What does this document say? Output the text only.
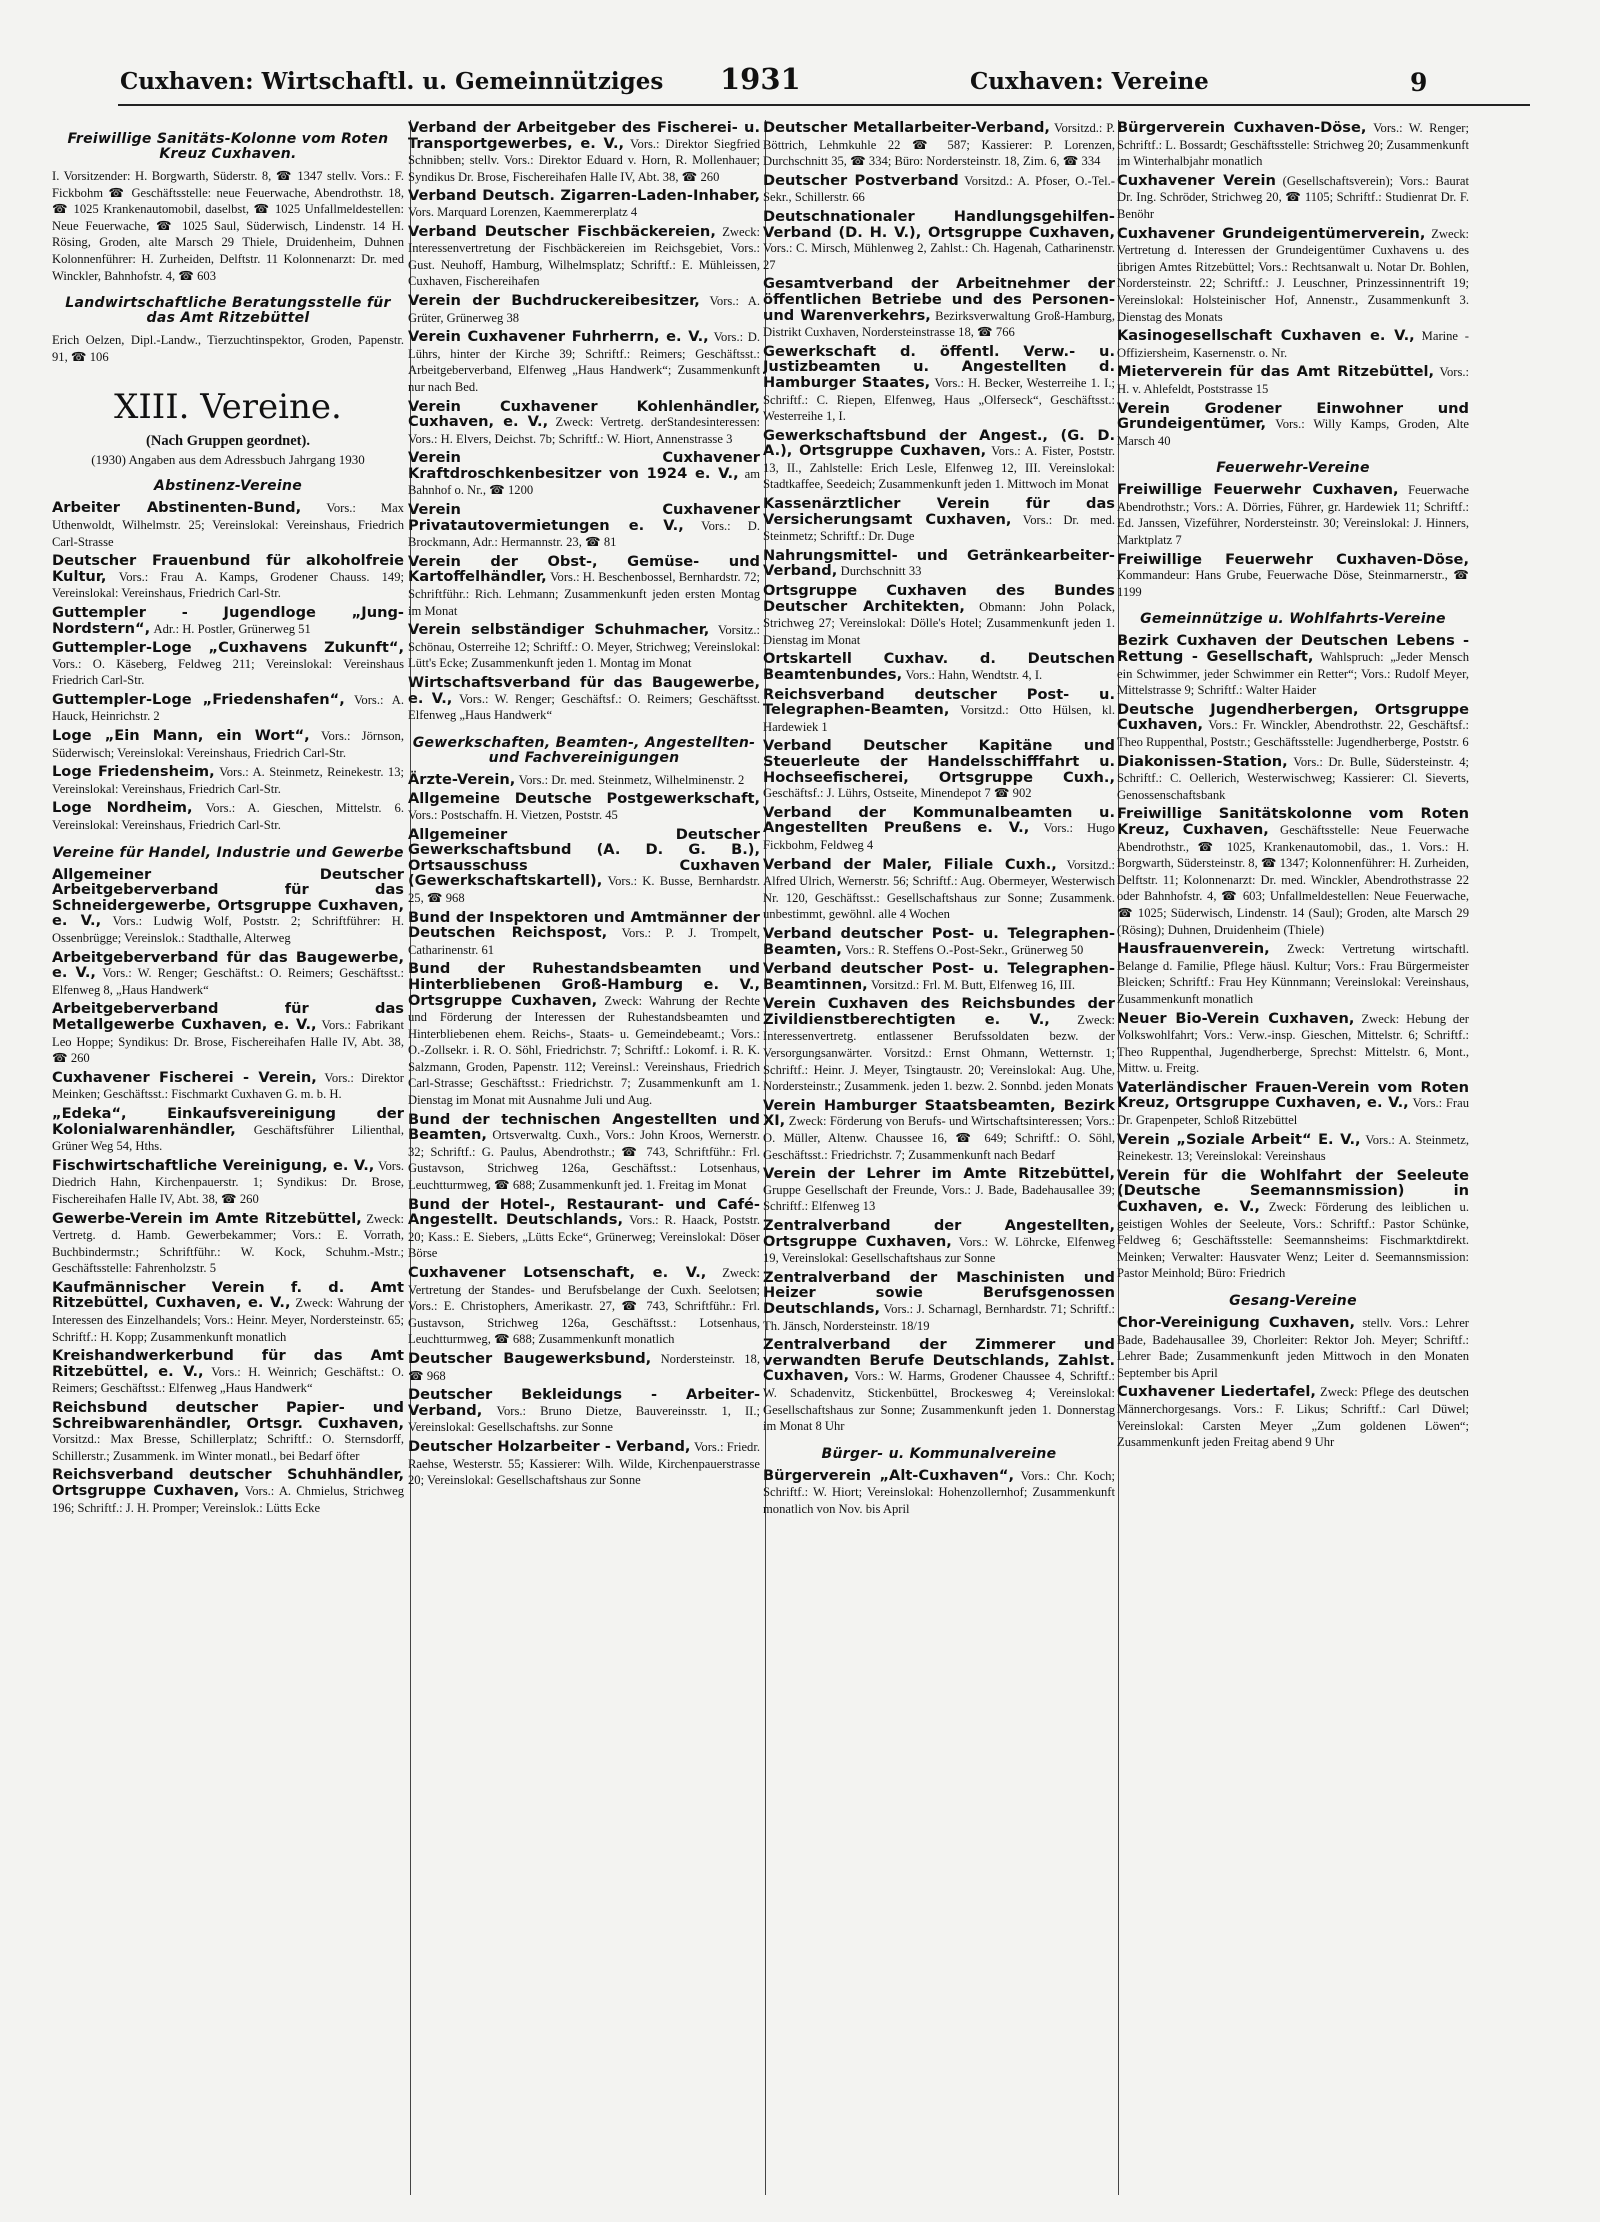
Cuxhaven: Wirtschaftl. u. Gemeinnütziges 1931	Cuxhaven: Vereine	9
Freiwillige Sanitäts-Kolonne vom Roten Kreuz Cuxhaven.
I. Vorsitzender: H. Borgwarth, Süderstr. 8, ☎ 1347 stellv. Vors.: F. Fickbohm ☎ Geschäftsstelle: neue Feuerwache, Abendrothstr. 18, ☎ 1025 Krankenautomobil, daselbst, ☎ 1025 Unfallmeldestellen: Neue Feuerwache, ☎ 1025 Saul, Süderwisch, Lindenstr. 14 H. Rösing, Groden, alte Marsch 29 Thiele, Druidenheim, Duhnen Kolonnenführer: H. Zurheiden, Delftstr. 11 Kolonnenarzt: Dr. med Winckler, Bahnhofstr. 4, ☎ 603
Landwirtschaftliche Beratungsstelle für das Amt Ritzebüttel
Erich Oelzen, Dipl.-Landw., Tierzuchtinspektor, Groden, Papenstr. 91, ☎ 106
XIII. Vereine.
(Nach Gruppen geordnet).
(1930) Angaben aus dem Adressbuch Jahrgang 1930
Abstinenz-Vereine
Arbeiter Abstinenten-Bund, Vors.: Max Uthenwoldt, Wilhelmstr. 25; Vereinslokal: Vereinshaus, Friedrich Carl-Strasse
Deutscher Frauenbund für alkoholfreie Kultur, Vors.: Frau A. Kamps, Grodener Chauss. 149; Vereinslokal: Vereinshaus, Friedrich Carl-Str.
Guttempler - Jugendloge „Jung-Nordstern“, Adr.: H. Postler, Grünerweg 51
Guttempler-Loge „Cuxhavens Zukunft“, Vors.: O. Käseberg, Feldweg 211; Vereinslokal: Vereinshaus Friedrich Carl-Str.
Guttempler-Loge „Friedenshafen“, Vors.: A. Hauck, Heinrichstr. 2
Loge „Ein Mann, ein Wort“, Vors.: Jörnson, Süderwisch; Vereinslokal: Vereinshaus, Friedrich Carl-Str.
Loge Friedensheim, Vors.: A. Steinmetz, Reinekestr. 13; Vereinslokal: Vereinshaus, Friedrich Carl-Str.
Loge Nordheim, Vors.: A. Gieschen, Mittelstr. 6. Vereinslokal: Vereinshaus, Friedrich Carl-Str.
Vereine für Handel, Industrie und Gewerbe
Allgemeiner Deutscher Arbeitgeberverband für das Schneidergewerbe, Ortsgruppe Cuxhaven, e. V., Vors.: Ludwig Wolf, Poststr. 2; Schriftführer: H. Ossenbrügge; Vereinslok.: Stadthalle, Alterweg
Arbeitgeberverband für das Baugewerbe, e. V., Vors.: W. Renger; Geschäftst.: O. Reimers; Geschäftsst.: Elfenweg 8, „Haus Handwerk“
Arbeitgeberverband für das Metallgewerbe Cuxhaven, e. V., Vors.: Fabrikant Leo Hoppe; Syndikus: Dr. Brose, Fischereihafen Halle IV, Abt. 38, ☎ 260
Cuxhavener Fischerei - Verein, Vors.: Direktor Meinken; Geschäftsst.: Fischmarkt Cuxhaven G. m. b. H.
„Edeka“, Einkaufsvereinigung der Kolonialwarenhändler, Geschäftsführer Lilienthal, Grüner Weg 54, Hths.
Fischwirtschaftliche Vereinigung, e. V., Vors. Diedrich Hahn, Kirchenpauerstr. 1; Syndikus: Dr. Brose, Fischereihafen Halle IV, Abt. 38, ☎ 260
Gewerbe-Verein im Amte Ritzebüttel, Zweck: Vertretg. d. Hamb. Gewerbekammer; Vors.: E. Vorrath, Buchbindermstr.; Schriftführ.: W. Kock, Schuhm.-Mstr.; Geschäftsstelle: Fahrenholzstr. 5
Kaufmännischer Verein f. d. Amt Ritzebüttel, Cuxhaven, e. V., Zweck: Wahrung der Interessen des Einzelhandels; Vors.: Heinr. Meyer, Nordersteinstr. 65; Schriftf.: H. Kopp; Zusammenkunft monatlich
Kreishandwerkerbund für das Amt Ritzebüttel, e. V., Vors.: H. Weinrich; Geschäftst.: O. Reimers; Geschäftsst.: Elfenweg „Haus Handwerk“
Reichsbund deutscher Papier- und Schreibwarenhändler, Ortsgr. Cuxhaven, Vorsitzd.: Max Bresse, Schillerplatz; Schriftf.: O. Sternsdorff, Schillerstr.; Zusammenk. im Winter monatl., bei Bedarf öfter
Reichsverband deutscher Schuhhändler, Ortsgruppe Cuxhaven, Vors.: A. Chmielus, Strichweg 196; Schriftf.: J. H. Promper; Vereinslok.: Lütts Ecke
Verband der Arbeitgeber des Fischerei- u. Transportgewerbes, e. V., Vors.: Direktor Siegfried Schnibben; stellv. Vors.: Direktor Eduard v. Horn, R. Mollenhauer; Syndikus Dr. Brose, Fischereihafen Halle IV, Abt. 38, ☎ 260
Verband Deutsch. Zigarren-Laden-Inhaber, Vors. Marquard Lorenzen, Kaemmererplatz 4
Verband Deutscher Fischbäckereien, Zweck: Interessenvertretung der Fischbäckereien im Reichsgebiet, Vors.: Gust. Neuhoff, Hamburg, Wilhelmsplatz; Schriftf.: E. Mühleissen, Cuxhaven, Fischereihafen
Verein der Buchdruckereibesitzer, Vors.: A. Grüter, Grünerweg 38
Verein Cuxhavener Fuhrherrn, e. V., Vors.: D. Lührs, hinter der Kirche 39; Schriftf.: Reimers; Geschäftsst.: Arbeitgeberverband, Elfenweg „Haus Handwerk“; Zusammenkunft nur nach Bed.
Verein Cuxhavener Kohlenhändler, Cuxhaven, e. V., Zweck: Vertretg. derStandesinteressen: Vors.: H. Elvers, Deichst. 7b; Schriftf.: W. Hiort, Annenstrasse 3
Verein Cuxhavener Kraftdroschkenbesitzer von 1924 e. V., am Bahnhof o. Nr., ☎ 1200
Verein Cuxhavener Privatautovermietungen e. V., Vors.: D. Brockmann, Adr.: Hermannstr. 23, ☎ 81
Verein der Obst-, Gemüse- und Kartoffelhändler, Vors.: H. Beschenbossel, Bernhardstr. 72; Schriftführ.: Rich. Lehmann; Zusammenkunft jeden ersten Montag im Monat
Verein selbständiger Schuhmacher, Vorsitz.: Schönau, Osterreihe 12; Schriftf.: O. Meyer, Strichweg; Vereinslokal: Lütt's Ecke; Zusammenkunft jeden 1. Montag im Monat
Wirtschaftsverband für das Baugewerbe, e. V., Vors.: W. Renger; Geschäftsf.: O. Reimers; Geschäftsst. Elfenweg „Haus Handwerk“
Gewerkschaften, Beamten-, Angestellten- und Fachvereinigungen
Ärzte-Verein, Vors.: Dr. med. Steinmetz, Wilhelminenstr. 2
Allgemeine Deutsche Postgewerkschaft, Vors.: Postschaffn. H. Vietzen, Poststr. 45
Allgemeiner Deutscher Gewerkschaftsbund (A. D. G. B.), Ortsausschuss Cuxhaven (Gewerkschaftskartell), Vors.: K. Busse, Bernhardstr. 25, ☎ 968
Bund der Inspektoren und Amtmänner der Deutschen Reichspost, Vors.: P. J. Trompelt, Catharinenstr. 61
Bund der Ruhestandsbeamten und Hinterbliebenen Groß-Hamburg e. V., Ortsgruppe Cuxhaven, Zweck: Wahrung der Rechte und Förderung der Interessen der Ruhestandsbeamten und Hinterbliebenen ehem. Reichs-, Staats- u. Gemeindebeamt.; Vors.: O.-Zollsekr. i. R. O. Söhl, Friedrichstr. 7; Schriftf.: Lokomf. i. R. K. Salzmann, Groden, Papenstr. 112; Vereinsl.: Vereinshaus, Friedrich Carl-Strasse; Geschäftsst.: Friedrichstr. 7; Zusammenkunft am 1. Dienstag im Monat mit Ausnahme Juli und Aug.
Bund der technischen Angestellten und Beamten, Ortsverwaltg. Cuxh., Vors.: John Kroos, Wernerstr. 32; Schriftf.: G. Paulus, Abendrothstr.; ☎ 743, Schriftführ.: Frl. Gustavson, Strichweg 126a, Geschäftsst.: Lotsenhaus, Leuchtturmweg, ☎ 688; Zusammenkunft jed. 1. Freitag im Monat
Bund der Hotel-, Restaurant- und Café-Angestellt. Deutschlands, Vors.: R. Haack, Poststr. 20; Kass.: E. Siebers, „Lütts Ecke“, Grünerweg; Vereinslokal: Döser Börse
Cuxhavener Lotsenschaft, e. V., Zweck: Vertretung der Standes- und Berufsbelange der Cuxh. Seelotsen; Vors.: E. Christophers, Amerikastr. 27, ☎ 743, Schriftführ.: Frl. Gustavson, Strichweg 126a, Geschäftsst.: Lotsenhaus, Leuchtturmweg, ☎ 688; Zusammenkunft monatlich
Deutscher Baugewerksbund, Nordersteinstr. 18, ☎ 968
Deutscher Bekleidungs - Arbeiter-Verband, Vors.: Bruno Dietze, Bauvereinsstr. 1, II.; Vereinslokal: Gesellschaftshs. zur Sonne
Deutscher Holzarbeiter - Verband, Vors.: Friedr. Raehse, Westerstr. 55; Kassierer: Wilh. Wilde, Kirchenpauerstrasse 20; Vereinslokal: Gesellschaftshaus zur Sonne
Deutscher Metallarbeiter-Verband, Vorsitzd.: P. Böttrich, Lehmkuhle 22 ☎ 587; Kassierer: P. Lorenzen, Durchschnitt 35, ☎ 334; Büro: Nordersteinstr. 18, Zim. 6, ☎ 334
Deutscher Postverband Vorsitzd.: A. Pfoser, O.-Tel.-Sekr., Schillerstr. 66
Deutschnationaler Handlungsgehilfen-Verband (D. H. V.), Ortsgruppe Cuxhaven, Vors.: C. Mirsch, Mühlenweg 2, Zahlst.: Ch. Hagenah, Catharinenstr. 27
Gesamtverband der Arbeitnehmer der öffentlichen Betriebe und des Personen- und Warenverkehrs, Bezirksverwaltung Groß-Hamburg, Distrikt Cuxhaven, Nordersteinstrasse 18, ☎ 766
Gewerkschaft d. öffentl. Verw.- u. Justizbeamten u. Angestellten d. Hamburger Staates, Vors.: H. Becker, Westerreihe 1. I.; Schriftf.: C. Riepen, Elfenweg, Haus „Olferseck“, Geschäftsst.: Westerreihe 1, I.
Gewerkschaftsbund der Angest., (G. D. A.), Ortsgruppe Cuxhaven, Vors.: A. Fister, Poststr. 13, II., Zahlstelle: Erich Lesle, Elfenweg 12, III. Vereinslokal: Stadtkaffee, Seedeich; Zusammenkunft jeden 1. Mittwoch im Monat
Kassenärztlicher Verein für das Versicherungsamt Cuxhaven, Vors.: Dr. med. Steinmetz; Schriftf.: Dr. Duge
Nahrungsmittel- und Getränkearbeiter-Verband, Durchschnitt 33
Ortsgruppe Cuxhaven des Bundes Deutscher Architekten, Obmann: John Polack, Strichweg 27; Vereinslokal: Dölle's Hotel; Zusammenkunft jeden 1. Dienstag im Monat
Ortskartell Cuxhav. d. Deutschen Beamtenbundes, Vors.: Hahn, Wendtstr. 4, I.
Reichsverband deutscher Post- u. Telegraphen-Beamten, Vorsitzd.: Otto Hülsen, kl. Hardewiek 1
Verband Deutscher Kapitäne und Steuerleute der Handelsschifffahrt u. Hochseefischerei, Ortsgruppe Cuxh., Geschäftsf.: J. Lührs, Ostseite, Minendepot 7 ☎ 902
Verband der Kommunalbeamten u. Angestellten Preußens e. V., Vors.: Hugo Fickbohm, Feldweg 4
Verband der Maler, Filiale Cuxh., Vorsitzd.: Alfred Ulrich, Wernerstr. 56; Schriftf.: Aug. Obermeyer, Westerwisch Nr. 120, Geschäftsst.: Gesellschaftshaus zur Sonne; Zusammenk. unbestimmt, gewöhnl. alle 4 Wochen
Verband deutscher Post- u. Telegraphen-Beamten, Vors.: R. Steffens O.-Post-Sekr., Grünerweg 50
Verband deutscher Post- u. Telegraphen-Beamtinnen, Vorsitzd.: Frl. M. Butt, Elfenweg 16, III.
Verein Cuxhaven des Reichsbundes der Zivildienstberechtigten e. V., Zweck: Interessenvertretg. entlassener Berufssoldaten bezw. der Versorgungsanwärter. Vorsitzd.: Ernst Ohmann, Wetternstr. 1; Schriftf.: Heinr. J. Meyer, Tsingtaustr. 20; Vereinslokal: Aug. Uhe, Nordersteinstr.; Zusammenk. jeden 1. bezw. 2. Sonnbd. jeden Monats
Verein Hamburger Staatsbeamten, Bezirk XI, Zweck: Förderung von Berufs- und Wirtschaftsinteressen; Vors.: O. Müller, Altenw. Chaussee 16, ☎ 649; Schriftf.: O. Söhl, Geschäftsst.: Friedrichstr. 7; Zusammenkunft nach Bedarf
Verein der Lehrer im Amte Ritzebüttel, Gruppe Gesellschaft der Freunde, Vors.: J. Bade, Badehausallee 39; Schriftf.: Elfenweg 13
Zentralverband der Angestellten, Ortsgruppe Cuxhaven, Vors.: W. Löhrcke, Elfenweg 19, Vereinslokal: Gesellschaftshaus zur Sonne
Zentralverband der Maschinisten und Heizer sowie Berufsgenossen Deutschlands, Vors.: J. Scharnagl, Bernhardstr. 71; Schriftf.: Th. Jänsch, Nordersteinstr. 18/19
Zentralverband der Zimmerer und verwandten Berufe Deutschlands, Zahlst. Cuxhaven, Vors.: W. Harms, Grodener Chaussee 4, Schriftf.: W. Schadenvitz, Stickenbüttel, Brockesweg 4; Vereinslokal: Gesellschaftshaus zur Sonne; Zusammenkunft jeden 1. Donnerstag im Monat 8 Uhr
Bürger- u. Kommunalvereine
Bürgerverein „Alt-Cuxhaven“, Vors.: Chr. Koch; Schriftf.: W. Hiort; Vereinslokal: Hohenzollernhof; Zusammenkunft monatlich von Nov. bis April
Bürgerverein Cuxhaven-Döse, Vors.: W. Renger; Schriftf.: L. Bossardt; Geschäftsstelle: Strichweg 20; Zusammenkunft im Winterhalbjahr monatlich
Cuxhavener Verein (Gesellschaftsverein); Vors.: Baurat Dr. Ing. Schröder, Strichweg 20, ☎ 1105; Schriftf.: Studienrat Dr. F. Benöhr
Cuxhavener Grundeigentümerverein, Zweck: Vertretung d. Interessen der Grundeigentümer Cuxhavens u. des übrigen Amtes Ritzebüttel; Vors.: Rechtsanwalt u. Notar Dr. Bohlen, Nordersteinstr. 22; Schriftf.: J. Leuschner, Prinzessinnentrift 19; Vereinslokal: Holsteinischer Hof, Annenstr., Zusammenkunft 3. Dienstag des Monats
Kasinogesellschaft Cuxhaven e. V., Marine - Offiziersheim, Kasernenstr. o. Nr.
Mieterverein für das Amt Ritzebüttel, Vors.: H. v. Ahlefeldt, Poststrasse 15
Verein Grodener Einwohner und Grundeigentümer, Vors.: Willy Kamps, Groden, Alte Marsch 40
Feuerwehr-Vereine
Freiwillige Feuerwehr Cuxhaven, Feuerwache Abendrothstr.; Vors.: A. Dörries, Führer, gr. Hardewiek 11; Schriftf.: Ed. Janssen, Vizeführer, Nordersteinstr. 30; Vereinslokal: J. Hinners, Marktplatz 7
Freiwillige Feuerwehr Cuxhaven-Döse, Kommandeur: Hans Grube, Feuerwache Döse, Steinmarnerstr., ☎ 1199
Gemeinnützige u. Wohlfahrts-Vereine
Bezirk Cuxhaven der Deutschen Lebens - Rettung - Gesellschaft, Wahlspruch: „Jeder Mensch ein Schwimmer, jeder Schwimmer ein Retter“; Vors.: Rudolf Meyer, Mittelstrasse 9; Schriftf.: Walter Haider
Deutsche Jugendherbergen, Ortsgruppe Cuxhaven, Vors.: Fr. Winckler, Abendrothstr. 22, Geschäftsf.: Theo Ruppenthal, Poststr.; Geschäftsstelle: Jugendherberge, Poststr. 6
Diakonissen-Station, Vors.: Dr. Bulle, Südersteinstr. 4; Schriftf.: C. Oellerich, Westerwischweg; Kassierer: Cl. Sieverts, Genossenschaftsbank
Freiwillige Sanitätskolonne vom Roten Kreuz, Cuxhaven, Geschäftsstelle: Neue Feuerwache Abendrothstr., ☎ 1025, Krankenautomobil, das., 1. Vors.: H. Borgwarth, Südersteinstr. 8, ☎ 1347; Kolonnenführer: H. Zurheiden, Delftstr. 11; Kolonnenarzt: Dr. med. Winckler, Abendrothstrasse 22 oder Bahnhofstr. 4, ☎ 603; Unfallmeldestellen: Neue Feuerwache, ☎ 1025; Süderwisch, Lindenstr. 14 (Saul); Groden, alte Marsch 29 (Rösing); Duhnen, Druidenheim (Thiele)
Hausfrauenverein, Zweck: Vertretung wirtschaftl. Belange d. Familie, Pflege häusl. Kultur; Vors.: Frau Bürgermeister Bleicken; Schriftf.: Frau Hey Künnmann; Vereinslokal: Vereinshaus, Zusammenkunft monatlich
Neuer Bio-Verein Cuxhaven, Zweck: Hebung der Volkswohlfahrt; Vors.: Verw.-insp. Gieschen, Mittelstr. 6; Schriftf.: Theo Ruppenthal, Jugendherberge, Sprechst: Mittelstr. 6, Mont., Mittw. u. Freitg.
Vaterländischer Frauen-Verein vom Roten Kreuz, Ortsgruppe Cuxhaven, e. V., Vors.: Frau Dr. Grapenpeter, Schloß Ritzebüttel
Verein „Soziale Arbeit“ E. V., Vors.: A. Steinmetz, Reinekestr. 13; Vereinslokal: Vereinshaus
Verein für die Wohlfahrt der Seeleute (Deutsche Seemannsmission) in Cuxhaven, e. V., Zweck: Förderung des leiblichen u. geistigen Wohles der Seeleute, Vors.: Schriftf.: Pastor Schünke, Feldweg 6; Geschäftsstelle: Seemannsheims: Fischmarktdirekt. Meinken; Verwalter: Hausvater Wenz; Leiter d. Seemannsmission: Pastor Meinhold; Büro: Friedrich
Gesang-Vereine
Chor-Vereinigung Cuxhaven, stellv. Vors.: Lehrer Bade, Badehausallee 39, Chorleiter: Rektor Joh. Meyer; Schriftf.: Lehrer Bade; Zusammenkunft jeden Mittwoch in den Monaten September bis April
Cuxhavener Liedertafel, Zweck: Pflege des deutschen Männerchorgesangs. Vors.: F. Likus; Schriftf.: Carl Düwel; Vereinslokal: Carsten Meyer „Zum goldenen Löwen“; Zusammenkunft jeden Freitag abend 9 Uhr
